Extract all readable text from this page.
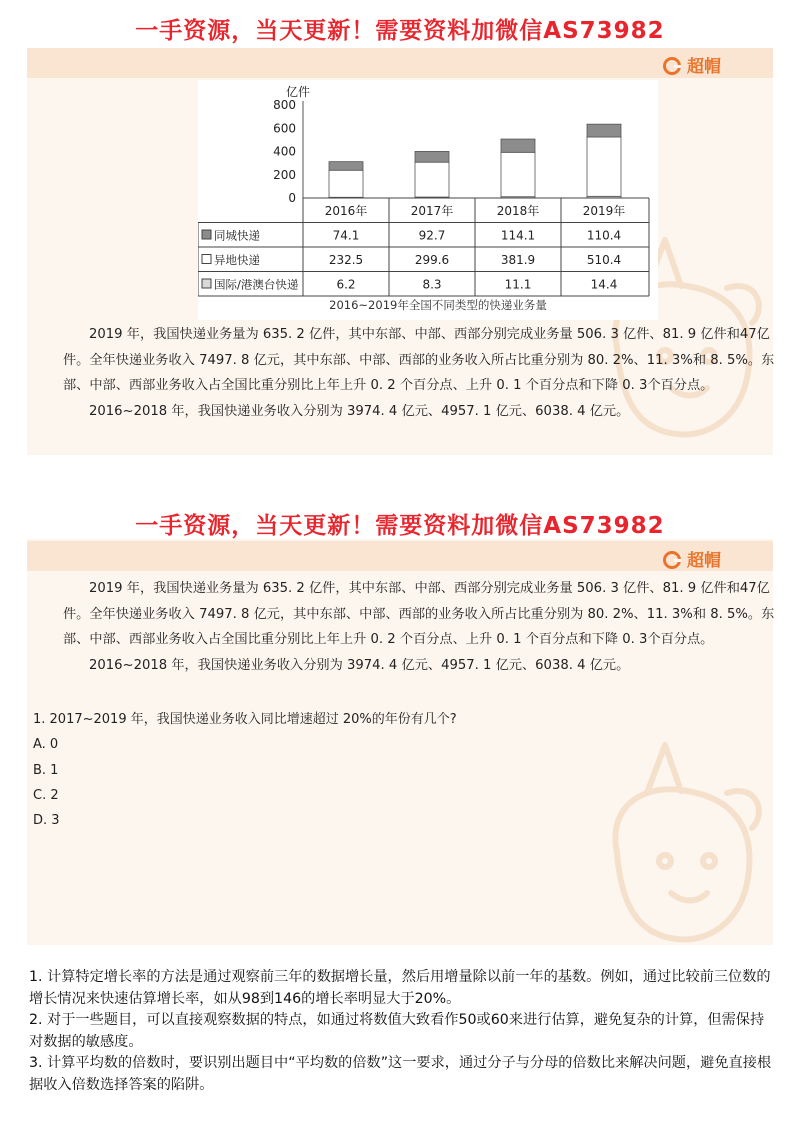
一手资源，当天更新！需要资料加微信AS73982
超帽
亿件
0
200
400
600
800
2016年	2017年	2018年	2019年
同城快递	74.1	92.7	114.1	110.4
异地快递	232.5	299.6	381.9	510.4
国际/港澳台快递	6.2	8.3	11.1	14.4
2016~2019年全国不同类型的快递业务量

2019 年，我国快递业务量为 635. 2 亿件，其中东部、中部、西部分别完成业务量 506. 3 亿件、81. 9 亿件和47亿件。全年快递业务收入 7497. 8 亿元，其中东部、中部、西部的业务收入所占比重分别为 80. 2%、11. 3%和 8. 5%。东部、中部、西部业务收入占全国比重分别比上年上升 0. 2 个百分点、上升 0. 1 个百分点和下降 0. 3个百分点。

2016~2018 年，我国快递业务收入分别为 3974. 4 亿元、4957. 1 亿元、6038. 4 亿元。

一手资源，当天更新！需要资料加微信AS73982
超帽

2019 年，我国快递业务量为 635. 2 亿件，其中东部、中部、西部分别完成业务量 506. 3 亿件、81. 9 亿件和47亿件。全年快递业务收入 7497. 8 亿元，其中东部、中部、西部的业务收入所占比重分别为 80. 2%、11. 3%和 8. 5%。东部、中部、西部业务收入占全国比重分别比上年上升 0. 2 个百分点、上升 0. 1 个百分点和下降 0. 3个百分点。

2016~2018 年，我国快递业务收入分别为 3974. 4 亿元、4957. 1 亿元、6038. 4 亿元。

1. 2017~2019 年，我国快递业务收入同比增速超过 20%的年份有几个?
A. 0
B. 1
C. 2
D. 3

1. 计算特定增长率的方法是通过观察前三年的数据增长量，然后用增量除以前一年的基数。例如，通过比较前三位数的增长情况来快速估算增长率，如从98到146的增长率明显大于20%。

2. 对于一些题目，可以直接观察数据的特点，如通过将数值大致看作50或60来进行估算，避免复杂的计算，但需保持对数据的敏感度。

3. 计算平均数的倍数时，要识别出题目中“平均数的倍数”这一要求，通过分子与分母的倍数比来解决问题，避免直接根据收入倍数选择答案的陷阱。
